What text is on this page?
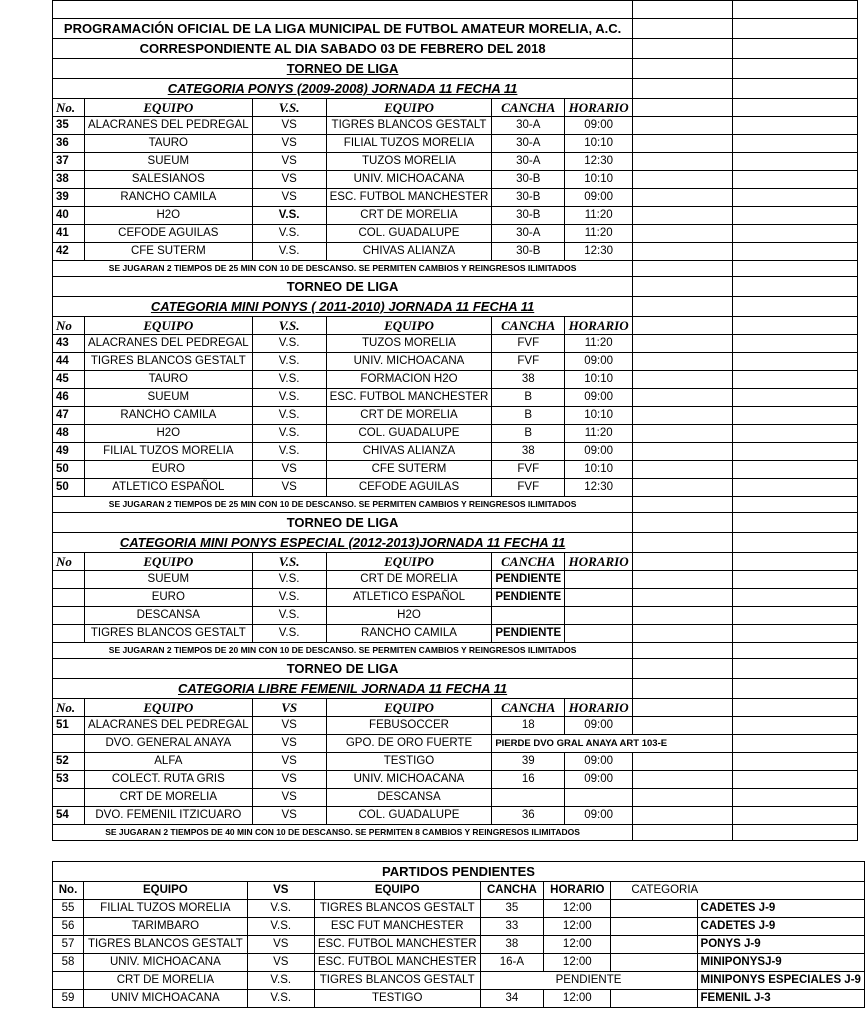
PROGRAMACIÓN OFICIAL DE LA LIGA MUNICIPAL DE FUTBOL AMATEUR MORELIA, A.C.							
CORRESPONDIENTE AL DIA SABADO 03 DE FEBRERO DEL 2018							
TORNEO DE LIGA							
CATEGORIA PONYS (2009-2008) JORNADA 11 FECHA 11							
No.	EQUIPO	V.S.	EQUIPO	CANCHA	HORARIO		
35	ALACRANES DEL PEDREGAL	VS	TIGRES BLANCOS GESTALT	30-A	09:00		
36	TAURO	VS	FILIAL TUZOS MORELIA	30-A	10:10		
37	SUEUM	VS	TUZOS MORELIA	30-A	12:30		
38	SALESIANOS	VS	UNIV. MICHOACANA	30-B	10:10		
39	RANCHO CAMILA	VS	ESC. FUTBOL MANCHESTER	30-B	09:00		
40	H2O	V.S.	CRT DE MORELIA	30-B	11:20		
41	CEFODE AGUILAS	V.S.	COL. GUADALUPE	30-A	11:20		
42	CFE SUTERM	V.S.	CHIVAS ALIANZA	30-B	12:30		
SE JUGARAN 2 TIEMPOS DE 25 MIN CON 10 DE DESCANSO. SE PERMITEN CAMBIOS Y REINGRESOS ILIMITADOS							
TORNEO DE LIGA							
CATEGORIA MINI PONYS ( 2011-2010) JORNADA 11 FECHA 11							
No	EQUIPO	V.S.	EQUIPO	CANCHA	HORARIO		
43	ALACRANES DEL PEDREGAL	V.S.	TUZOS MORELIA	FVF	11:20		
44	TIGRES BLANCOS GESTALT	V.S.	UNIV. MICHOACANA	FVF	09:00		
45	TAURO	V.S.	FORMACION H2O	38	10:10		
46	SUEUM	V.S.	ESC. FUTBOL MANCHESTER	B	09:00		
47	RANCHO CAMILA	V.S.	CRT DE MORELIA	B	10:10		
48	H2O	V.S.	COL. GUADALUPE	B	11:20		
49	FILIAL TUZOS MORELIA	V.S.	CHIVAS ALIANZA	38	09:00		
50	EURO	VS	CFE SUTERM	FVF	10:10		
50	ATLETICO ESPAÑOL	VS	CEFODE AGUILAS	FVF	12:30		
SE JUGARAN 2 TIEMPOS DE 25 MIN CON 10 DE DESCANSO. SE PERMITEN CAMBIOS Y REINGRESOS ILIMITADOS							
TORNEO DE LIGA							
CATEGORIA MINI PONYS ESPECIAL (2012-2013)JORNADA 11 FECHA 11							
No	EQUIPO	V.S.	EQUIPO	CANCHA	HORARIO		
	SUEUM	V.S.	CRT DE MORELIA	PENDIENTE			
	EURO	V.S.	ATLETICO ESPAÑOL	PENDIENTE			
	DESCANSA	V.S.	H2O				
	TIGRES BLANCOS GESTALT	V.S.	RANCHO CAMILA	PENDIENTE			
SE JUGARAN 2 TIEMPOS DE 20 MIN CON 10 DE DESCANSO. SE PERMITEN CAMBIOS Y REINGRESOS ILIMITADOS							
TORNEO DE LIGA							
CATEGORIA LIBRE FEMENIL JORNADA 11 FECHA 11							
No.	EQUIPO	VS	EQUIPO	CANCHA	HORARIO		
51	ALACRANES DEL PEDREGAL	VS	FEBUSOCCER	18	09:00		
	DVO. GENERAL ANAYA	VS	GPO. DE ORO FUERTE	PIERDE DVO GRAL ANAYA ART 103-E			
52	ALFA	VS	TESTIGO	39	09:00		
53	COLECT. RUTA GRIS	VS	UNIV. MICHOACANA	16	09:00		
	CRT DE MORELIA	VS	DESCANSA				
54	DVO. FEMENIL ITZICUARO	VS	COL. GUADALUPE	36	09:00		
SE JUGARAN 2 TIEMPOS DE 40 MIN CON 10 DE DESCANSO. SE PERMITEN 8 CAMBIOS Y REINGRESOS ILIMITADOS							
PARTIDOS PENDIENTES							
No.	EQUIPO	VS	EQUIPO	CANCHA	HORARIO	CATEGORIA	
55	FILIAL TUZOS MORELIA	V.S.	TIGRES BLANCOS GESTALT	35	12:00		CADETES J-9
56	TARIMBARO	V.S.	ESC FUT MANCHESTER	33	12:00		CADETES J-9
57	TIGRES BLANCOS GESTALT	VS	ESC. FUTBOL MANCHESTER	38	12:00		PONYS J-9
58	UNIV. MICHOACANA	VS	ESC. FUTBOL MANCHESTER	16-A	12:00		MINIPONYSJ-9
	CRT DE MORELIA	V.S.	TIGRES BLANCOS GESTALT	PENDIENTE			MINIPONYS ESPECIALES J-9
59	UNIV MICHOACANA	V.S.	TESTIGO	34	12:00		FEMENIL J-3
